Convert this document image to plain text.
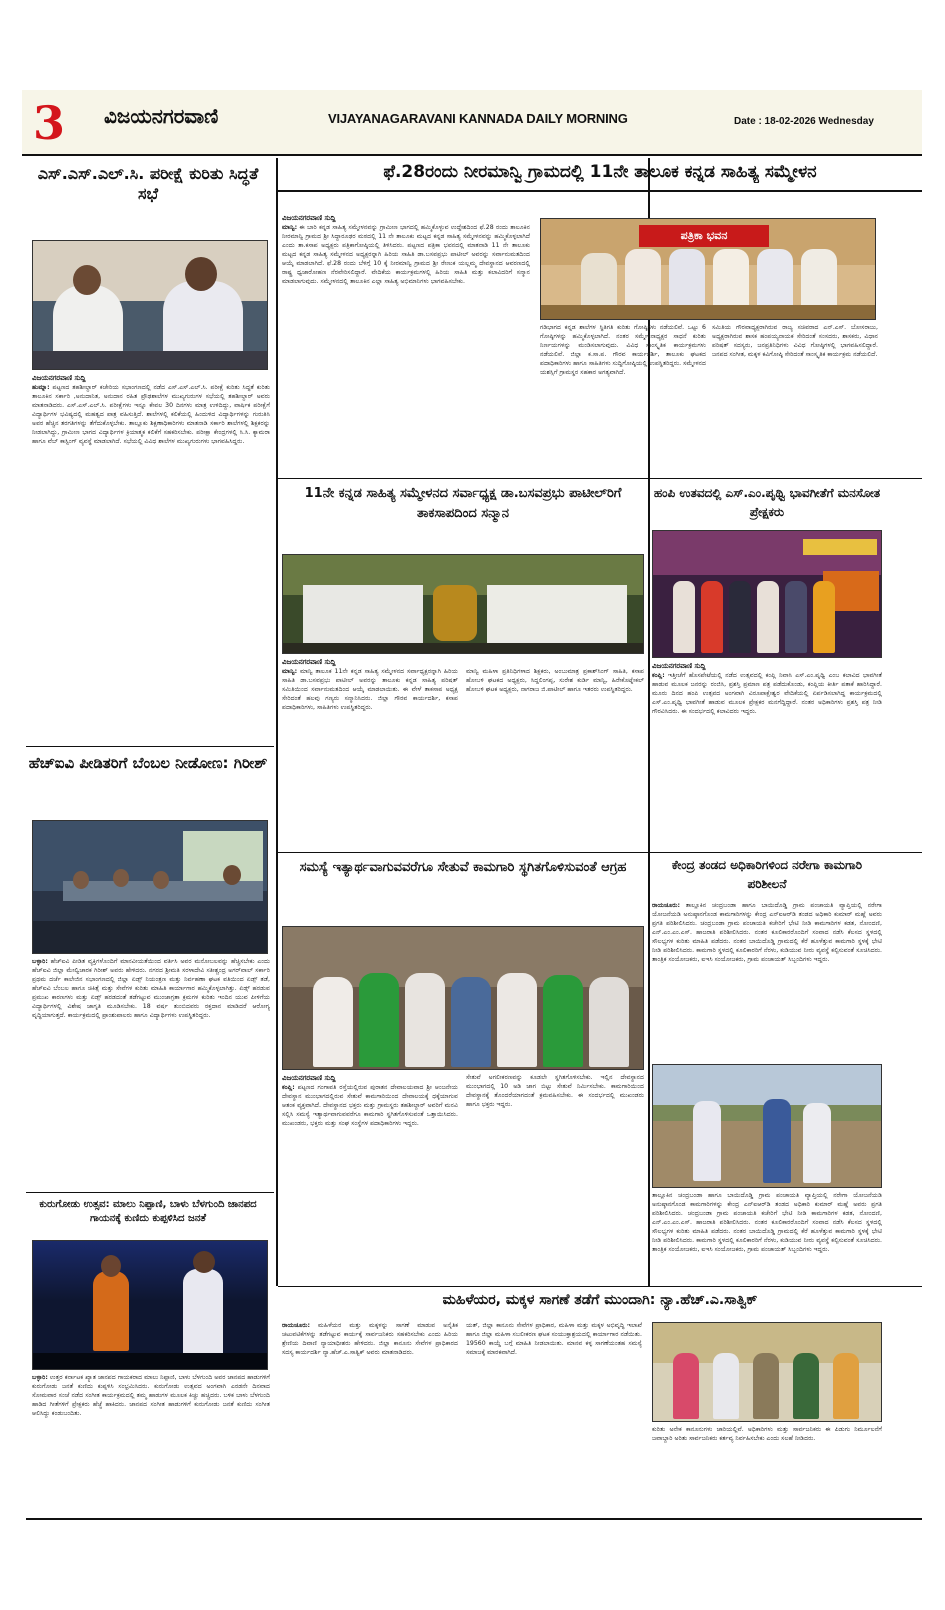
3 ವಿಜಯನಗರವಾಣಿ	VIJAYANAGARAVANI KANNADA DAILY MORNING	Date : 18-02-2026 Wednesday
ಎಸ್.ಎಸ್.ಎಲ್.ಸಿ. ಪರೀಕ್ಷೆ ಕುರಿತು ಸಿದ್ಧತೆ ಸಭೆ
ವಿಜಯನಗರವಾಣಿ ಸುದ್ದಿ

ಹುಮ್ನಾ: ಪಟ್ಟಣದ ತಹಶೀಲ್ದಾರ್ ಕಚೇರಿಯ ಸಭಾಂಗಣದಲ್ಲಿ ನಡೆದ ಎಸ್.ಎಸ್.ಎಲ್.ಸಿ. ಪರೀಕ್ಷೆ ಕುರಿತು ಸಿದ್ಧತೆ ಕುರಿತು ತಾಲೂಕಿನ ಸರ್ಕಾರಿ ,ಅನುದಾನಿತ, ಅನುದಾನ ರಹಿತ ಪ್ರೌಢಶಾಲೆಗಳ ಮುಖ್ಯಗುರುಗಳ ಸಭೆಯಲ್ಲಿ ತಹಶೀಲ್ದಾರ್ ಅವರು ಮಾತನಾಡಿದರು. ಎಸ್.ಎಸ್.ಎಲ್.ಸಿ. ಪರೀಕ್ಷೆಗಳು ಇನ್ನೂ ಕೇವಲ 30 ದಿನಗಳು ಮಾತ್ರ ಉಳಿದಿದ್ದು, ವಾರ್ಷಿಕ ಪರೀಕ್ಷೆಗೆ ವಿದ್ಯಾರ್ಥಿಗಳ ಭವಿಷ್ಯದಲ್ಲಿ ಮಹತ್ವದ ಪಾತ್ರ ವಹಿಸುತ್ತಿದೆ. ಶಾಲೆಗಳಲ್ಲಿ ಕಲಿಕೆಯಲ್ಲಿ ಹಿಂದುಳಿದ ವಿದ್ಯಾರ್ಥಿಗಳನ್ನು ಗುರುತಿಸಿ ಅವರ ಹೆಚ್ಚಿನ ತರಗತಿಗಳನ್ನು ತೆಗೆದುಕೊಳ್ಳಬೇಕು. ತಾಲ್ಲೂಕು ಶಿಕ್ಷಣಾಧಿಕಾರಿಗಳು ಮಾತನಾಡಿ ಸರ್ಕಾರಿ ಶಾಲೆಗಳಲ್ಲಿ ಶಿಕ್ಷಕರನ್ನು ನೀಡಲಾಗಿದ್ದು, ಗ್ರಾಮೀಣ ಭಾಗದ ವಿದ್ಯಾರ್ಥಿಗಳ ಕ್ರಿಯಾತ್ಮಕ ಕಲಿಕೆಗೆ ಸಹಕರಿಸಬೇಕು. ಪರೀಕ್ಷಾ ಕೇಂದ್ರಗಳಲ್ಲಿ ಸಿ.ಸಿ. ಕ್ಯಾಮರಾ ಹಾಗೂ ವೆಬ್ ಕಾಸ್ಟಿಂಗ್ ವ್ಯವಸ್ಥೆ ಮಾಡಲಾಗಿದೆ. ಸಭೆಯಲ್ಲಿ ವಿವಿಧ ಶಾಲೆಗಳ ಮುಖ್ಯಗುರುಗಳು ಭಾಗವಹಿಸಿದ್ದರು.

ಹೆಚ್‌ಐವಿ ಪೀಡಿತರಿಗೆ ಬೆಂಬಲ ನೀಡೋಣ: ಗಿರೀಶ್

ಬಳ್ಳಾರಿ: ಹೆಚ್‌ಐವಿ ಪೀಡಿತ ವ್ಯಕ್ತಿಗಳೊಂದಿಗೆ ಮಾನವೀಯತೆಯಿಂದ ವರ್ತಿಸಿ ಅವರ ಮನೋಬಲವನ್ನು ಹೆಚ್ಚಿಸಬೇಕು ಎಂದು ಹೆಚ್‌ಐವಿ ಜಿಲ್ಲಾ ಮೇಲ್ವಿಚಾರಕ ಗಿರೀಶ್ ಅವರು ಹೇಳಿದರು. ನಗರದ ಶ್ರೀಮತಿ ಸರಳಾದೇವಿ ಸತೀಶ್ಚಂದ್ರ ಅಗರ್‌ವಾಲ್ ಸರ್ಕಾರಿ ಪ್ರಥಮ ದರ್ಜೆ ಕಾಲೇಜಿನ ಸಭಾಂಗಣದಲ್ಲಿ ಜಿಲ್ಲಾ ಏಡ್ಸ್ ನಿಯಂತ್ರಣ ಮತ್ತು ನಿರ್ವಹಣಾ ಘಟಕ ವತಿಯಿಂದ ಏಡ್ಸ್ ತಡೆ, ಹೆಚ್‌ಐವಿ ಬೆಂಬಲ ಹಾಗೂ ಚಿಕಿತ್ಸೆ ಮತ್ತು ಸೇವೆಗಳ ಕುರಿತು ಮಾಹಿತಿ ಕಾರ್ಯಾಗಾರ ಹಮ್ಮಿಕೊಳ್ಳಲಾಗಿತ್ತು. ಏಡ್ಸ್ ಹರಡುವ ಪ್ರಮುಖ ಕಾರಣಗಳು ಮತ್ತು ಏಡ್ಸ್ ಹರಡದಂತೆ ತಡೆಗಟ್ಟುವ ಮುಂಜಾಗ್ರತಾ ಕ್ರಮಗಳ ಕುರಿತು ಇಂದಿನ ಯುವ ಪೀಳಿಗೆಯ ವಿದ್ಯಾರ್ಥಿಗಳಲ್ಲಿ ವಿಶೇಷ ಜಾಗೃತಿ ಮೂಡಿಸಬೇಕು. 18 ವರ್ಷ ತುಂಬಿದವರು ರಕ್ತದಾನ ಮಾಡಿದರೆ ಆರೋಗ್ಯ ವೃದ್ಧಿಯಾಗುತ್ತದೆ. ಕಾರ್ಯಕ್ರಮದಲ್ಲಿ ಪ್ರಾಂಶುಪಾಲರು ಹಾಗೂ ವಿದ್ಯಾರ್ಥಿಗಳು ಉಪಸ್ಥಿತರಿದ್ದರು.

ಕುರುಗೋಡು ಉತ್ಸವ: ಮಾಲು ನಿಪ್ಪಾಣಿ, ಬಾಳು ಬೆಳಗುಂದಿ ಜಾನಪದ ಗಾಯನಕ್ಕೆ ಕುಣಿದು ಕುಪ್ಪಳಿಸಿದ ಜನತೆ

ಬಳ್ಳಾರಿ: ಉತ್ತರ ಕರ್ನಾಟಕ ಖ್ಯಾತ ಜಾನಪದ ಗಾಯಕರಾದ ಮಾಲು ನಿಪ್ಪಾಣಿ, ಬಾಳು ಬೆಳಗುಂದಿ ಅವರ ಜಾನಪದ ಹಾಡುಗಳಿಗೆ ಕುರುಗೋಡು ಜನತೆ ಕುಣಿದು ಕುಪ್ಪಳಿಸಿ ಸಂಭ್ರಮಿಸಿದರು. ಕುರುಗೋಡು ಉತ್ಸವದ ಅಂಗವಾಗಿ ಎರಡನೇ ದಿನವಾದ ಸೋಮವಾರ ಸಂಜೆ ನಡೆದ ಸಂಗೀತ ಕಾರ್ಯಕ್ರಮದಲ್ಲಿ ತಮ್ಮ ಹಾಡುಗಳ ಮೂಲಕ ಕಿಚ್ಚು ಹಚ್ಚಿದರು. ಬಳಿಕ ಬಾಳು ಬೆಳಗುಂದಿ ಹಾಡಿದ ಗೀತೆಗಳಿಗೆ ಪ್ರೇಕ್ಷಕರು ಹೆಜ್ಜೆ ಹಾಕಿದರು. ಜಾನಪದ ಸಂಗೀತ ಹಾಡುಗಳಿಗೆ ಕುರುಗೋಡು ಜನತೆ ಕುಣಿದು ಸಂಗೀತ ಆಲಿಸಿದ್ದು ಕಂಡುಬಂದಿತು.

ಫೆ.28ರಂದು ನೀರಮಾನ್ವಿ ಗ್ರಾಮದಲ್ಲಿ 11ನೇ ತಾಲೂಕ ಕನ್ನಡ ಸಾಹಿತ್ಯ ಸಮ್ಮೇಳನ
ವಿಜಯನಗರವಾಣಿ ಸುದ್ದಿ

ಮಾನ್ವಿ: ಈ ಬಾರಿ ಕನ್ನಡ ಸಾಹಿತ್ಯ ಸಮ್ಮೇಳನವನ್ನು ಗ್ರಾಮೀಣ ಭಾಗದಲ್ಲಿ ಹಮ್ಮಿಕೊಳ್ಳುವ ಉದ್ದೇಶದಿಂದ ಫೆ.28 ರಂದು ತಾಲೂಕಿನ ನೀರಮಾನ್ವಿ ಗ್ರಾಮದ ಶ್ರೀ ಸಿದ್ಧಾರೂಢರ ಮಠದಲ್ಲಿ 11 ನೇ ತಾಲೂಕು ಮಟ್ಟದ ಕನ್ನಡ ಸಾಹಿತ್ಯ ಸಮ್ಮೇಳನವನ್ನು ಹಮ್ಮಿಕೊಳ್ಳಲಾಗಿದೆ ಎಂದು ತಾ.ಕಸಾಪ ಅಧ್ಯಕ್ಷರು ಪತ್ರಿಕಾಗೋಷ್ಠಿಯಲ್ಲಿ ತಿಳಿಸಿದರು. ಪಟ್ಟಣದ ಪತ್ರಿಕಾ ಭವನದಲ್ಲಿ ಮಾತನಾಡಿ 11 ನೇ ತಾಲೂಕು ಮಟ್ಟದ ಕನ್ನಡ ಸಾಹಿತ್ಯ ಸಮ್ಮೇಳನದ ಅಧ್ಯಕ್ಷರನ್ನಾಗಿ ಹಿರಿಯ ಸಾಹಿತಿ ಡಾ.ಬಸವಪ್ರಭು ಪಾಟೀಲ್ ಅವರನ್ನು ಸರ್ವಾನುಮತದಿಂದ ಆಯ್ಕೆ ಮಾಡಲಾಗಿದೆ. ಫೆ.28 ರಂದು ಬೆಳಿಗ್ಗೆ 10 ಕ್ಕೆ ನೀರಮಾನ್ವಿ ಗ್ರಾಮದ ಶ್ರೀ ರೇಣುಕ ಯಲ್ಲಮ್ಮ ದೇವಸ್ಥಾನದ ಆವರಣದಲ್ಲಿ ರಾಷ್ಟ್ರ ಧ್ವಜಾರೋಹಣ ನೆರವೇರಿಸಲಿದ್ದಾರೆ. ವೇದಿಕೆಯ ಕಾರ್ಯಕ್ರಮಗಳಲ್ಲಿ ಹಿರಿಯ ಸಾಹಿತಿ ಮತ್ತು ಕಲಾವಿದರಿಗೆ ಸನ್ಮಾನ ಮಾಡಲಾಗುವುದು. ಸಮ್ಮೇಳನದಲ್ಲಿ ತಾಲೂಕಿನ ಎಲ್ಲಾ ಸಾಹಿತ್ಯ ಅಭಿಮಾನಿಗಳು ಭಾಗವಹಿಸಬೇಕು.

ಪತ್ರಿಕಾ ಭವನ

ಗಡಿಭಾಗದ ಕನ್ನಡ ಶಾಲೆಗಳ ಸ್ಥಿತಿಗತಿ ಕುರಿತು ಗೋಷ್ಠಿಗಳು ನಡೆಯಲಿವೆ. ಒಟ್ಟು 6 ಗೋಷ್ಠಿಗಳನ್ನು ಹಮ್ಮಿಕೊಳ್ಳಲಾಗಿದೆ. ನಂತರ ಸಮ್ಮೇಳನಾಧ್ಯಕ್ಷರ ಸಾಧನೆ ಕುರಿತು ನಿರ್ಣಯಗಳನ್ನು ಮಂಡಿಸಲಾಗುವುದು. ವಿವಿಧ ಸಾಂಸ್ಕೃತಿಕ ಕಾರ್ಯಕ್ರಮಗಳು ನಡೆಯಲಿವೆ. ಜಿಲ್ಲಾ ಕ.ಸಾ.ಪ. ಗೌರವ ಕಾರ್ಯದರ್ಶಿ, ತಾಲೂಕು ಘಟಕದ ಪದಾಧಿಕಾರಿಗಳು ಹಾಗೂ ಸಾಹಿತಿಗಳು ಸುದ್ದಿಗೋಷ್ಠಿಯಲ್ಲಿ ಉಪಸ್ಥಿತರಿದ್ದರು. ಸಮ್ಮೇಳನದ ಯಶಸ್ಸಿಗೆ ಗ್ರಾಮಸ್ಥರ ಸಹಕಾರ ಅಗತ್ಯವಾಗಿದೆ.

ಸಮಿತಿಯ ಗೌರವಾಧ್ಯಕ್ಷರಾಗಿರುವ ರಾಜ್ಯ ಸಚಿವರಾದ ಎನ್.ಎಸ್. ಬೋಸರಾಜು, ಅಧ್ಯಕ್ಷರಾಗಿರುವ ಶಾಸಕ ಹಂಪಯ್ಯನಾಯಕ ಸೇರಿದಂತೆ ಸಂಸದರು, ಶಾಸಕರು, ವಿಧಾನ ಪರಿಷತ್ ಸದಸ್ಯರು, ಜನಪ್ರತಿನಿಧಿಗಳು ವಿವಿಧ ಗೋಷ್ಠಿಗಳಲ್ಲಿ ಭಾಗವಹಿಸಲಿದ್ದಾರೆ. ಜನಪದ ಸಂಗೀತ, ಮಕ್ಕಳ ಕವಿಗೋಷ್ಠಿ ಸೇರಿದಂತೆ ಸಾಂಸ್ಕೃತಿಕ ಕಾರ್ಯಕ್ರಮ ನಡೆಯಲಿದೆ.

11ನೇ ಕನ್ನಡ ಸಾಹಿತ್ಯ ಸಮ್ಮೇಳನದ ಸರ್ವಾಧ್ಯಕ್ಷ ಡಾ.ಬಸವಪ್ರಭು ಪಾಟೀಲ್‌ರಿಗೆ ತಾಕಸಾಪದಿಂದ ಸನ್ಮಾನ
ವಿಜಯನಗರವಾಣಿ ಸುದ್ದಿ

ಮಾನ್ವಿ: ಮಾನ್ವಿ ತಾಲೂಕ 11ನೇ ಕನ್ನಡ ಸಾಹಿತ್ಯ ಸಮ್ಮೇಳನದ ಸರ್ವಾಧ್ಯಕ್ಷರನ್ನಾಗಿ ಹಿರಿಯ ಸಾಹಿತಿ ಡಾ.ಬಸವಪ್ರಭು ಪಾಟೀಲ್ ಅವರನ್ನು ತಾಲೂಕು ಕನ್ನಡ ಸಾಹಿತ್ಯ ಪರಿಷತ್ ಸಮಿತಿಯಿಂದ ಸರ್ವಾನುಮತದಿಂದ ಆಯ್ಕೆ ಮಾಡಲಾಯಿತು. ಈ ವೇಳೆ ತಾಕಸಾಪ ಅಧ್ಯಕ್ಷ ಸೇರಿದಂತೆ ಹಲವು ಗಣ್ಯರು ಸನ್ಮಾನಿಸಿದರು. ಜಿಲ್ಲಾ ಗೌರವ ಕಾರ್ಯದರ್ಶಿ, ಕಸಾಪ ಪದಾಧಿಕಾರಿಗಳು, ಸಾಹಿತಿಗಳು ಉಪಸ್ಥಿತರಿದ್ದರು.

ಮಾನ್ವಿ ಮಹಿಳಾ ಪ್ರತಿನಿಧಿಗಳಾದ ಶಿಕ್ಷಕರು, ಅಂಬುಮಾತ್ರ ಪ್ರಕಾಶ್‌ಸಿಂಗ್ ಸಾಹಿತಿ, ಕಸಾಪ ಹೋಬಳಿ ಘಟಕದ ಅಧ್ಯಕ್ಷರು, ಸಿದ್ದಲಿಂಗಪ್ಪ, ಸುರೇಶ ಕುರ್ಡಿ ಮಾನ್ವಿ, ಹಿರೇಕೊಟ್ನೇಕಲ್ ಹೋಬಳಿ ಘಟಕ ಅಧ್ಯಕ್ಷರು, ನಾಗರಾಜ ಜಿ.ಪಾಟೀಲ್ ಹಾಗೂ ಇತರರು ಉಪಸ್ಥಿತರಿದ್ದರು.

ಸಮಸ್ಯೆ ಇತ್ಯಾರ್ಥವಾಗುವವರೆಗೂ ಸೇತುವೆ ಕಾಮಗಾರಿ ಸ್ಥಗಿತಗೊಳಿಸುವಂತೆ ಆಗ್ರಹ
ವಿಜಯನಗರವಾಣಿ ಸುದ್ದಿ

ಕಂಪ್ಲಿ: ಪಟ್ಟಣದ ಗಂಗಾವತಿ ರಸ್ತೆಯಲ್ಲಿರುವ ಪುರಾತನ ದೇವಾಲಯವಾದ ಶ್ರೀ ಆಂಜನೇಯ ದೇವಸ್ಥಾನ ಮುಂಭಾಗದಲ್ಲಿರುವ ಸೇತುವೆ ಕಾಮಗಾರಿಯಿಂದ ದೇವಾಲಯಕ್ಕೆ ಧಕ್ಕೆಯಾಗುವ ಆತಂಕ ವ್ಯಕ್ತವಾಗಿದೆ. ದೇವಸ್ಥಾನದ ಭಕ್ತರು ಮತ್ತು ಗ್ರಾಮಸ್ಥರು ತಹಶೀಲ್ದಾರ್ ಅವರಿಗೆ ಮನವಿ ಸಲ್ಲಿಸಿ ಸಮಸ್ಯೆ ಇತ್ಯಾರ್ಥವಾಗುವವರೆಗೂ ಕಾಮಗಾರಿ ಸ್ಥಗಿತಗೊಳಿಸುವಂತೆ ಒತ್ತಾಯಿಸಿದರು. ಮುಖಂಡರು, ಭಕ್ತರು ಮತ್ತು ಸಂಘ ಸಂಸ್ಥೆಗಳ ಪದಾಧಿಕಾರಿಗಳು ಇದ್ದರು.

ಸೇತುವೆ ಅಗಲೀಕರಣವನ್ನು ಕೂಡಲೇ ಸ್ಥಗಿತಗೊಳಿಸಬೇಕು. ಇಲ್ಲಿನ ದೇವಸ್ಥಾನದ ಮುಂಭಾಗದಲ್ಲಿ 10 ಅಡಿ ಜಾಗ ಬಿಟ್ಟು ಸೇತುವೆ ನಿರ್ಮಿಸಬೇಕು. ಕಾಮಗಾರಿಯಿಂದ ದೇವಸ್ಥಾನಕ್ಕೆ ತೊಂದರೆಯಾಗದಂತೆ ಕ್ರಮವಹಿಸಬೇಕು. ಈ ಸಂದರ್ಭದಲ್ಲಿ ಮುಖಂಡರು ಹಾಗೂ ಭಕ್ತರು ಇದ್ದರು.

ಹಂಪಿ ಉತವದಲ್ಲಿ ಎಸ್.ಎಂ.ಪೃಥ್ವಿ ಭಾವಗೀತೆಗೆ ಮನಸೋತ ಪ್ರೇಕ್ಷಕರು
ವಿಜಯನಗರವಾಣಿ ಸುದ್ದಿ

ಕಂಪ್ಲಿ: ಇತ್ತೀಚೆಗೆ ಹೊಸಪೇಟೆಯಲ್ಲಿ ನಡೆದ ಉತ್ಸವದಲ್ಲಿ ಕಂಪ್ಲಿ ನಿವಾಸಿ ಎಸ್.ಎಂ.ಪೃಥ್ವಿ ಎಂಬ ಕಲಾವಿದ ಭಾವಗೀತೆ ಹಾಡುವ ಮೂಲಕ ಜನರನ್ನು ರಂಜಿಸಿ, ಪ್ರಶಸ್ತಿ ಪ್ರಮಾಣ ಪತ್ರ ಪಡೆದುಕೊಂಡು, ಕಂಪ್ಲಿಯ ಕೀರ್ತಿ ಪತಾಕೆ ಹಾರಿಸಿದ್ದಾರೆ. ಮೂರು ದಿನದ ಹಂಪಿ ಉತ್ಸವದ ಅಂಗವಾಗಿ ವಿರೂಪಾಕ್ಷೇಶ್ವರ ವೇದಿಕೆಯಲ್ಲಿ ಏರ್ಪಡಿಸಲಾಗಿದ್ದ ಕಾರ್ಯಕ್ರಮದಲ್ಲಿ ಎಸ್.ಎಂ.ಪೃಥ್ವಿ ಭಾವಗೀತೆ ಹಾಡುವ ಮೂಲಕ ಪ್ರೇಕ್ಷಕರ ಮನಗೆದ್ದಿದ್ದಾರೆ. ನಂತರ ಅಧಿಕಾರಿಗಳು ಪ್ರಶಸ್ತಿ ಪತ್ರ ನೀಡಿ ಗೌರವಿಸಿದರು. ಈ ಸಂದರ್ಭದಲ್ಲಿ ಕಲಾವಿದರು ಇದ್ದರು.

ಕೇಂದ್ರ ತಂಡದ ಅಧಿಕಾರಿಗಳಿಂದ ನರೇಗಾ ಕಾಮಗಾರಿ ಪರಿಶೀಲನೆ

ರಾಯಚೂರು: ತಾಲ್ಲೂಕಿನ ಚಂದ್ರಬಂಡಾ ಹಾಗೂ ಬಾಯಿದೊಡ್ಡಿ ಗ್ರಾಮ ಪಂಚಾಯತಿ ವ್ಯಾಪ್ತಿಯಲ್ಲಿ ನರೇಗಾ ಯೋಜನೆಯಡಿ ಅನುಷ್ಠಾನಗೊಂಡ ಕಾಮಗಾರಿಗಳನ್ನು ಕೇಂದ್ರ ಎನ್‌ಐಆರ್‌ಡಿ ತಂಡದ ಅಧಿಕಾರಿ ಕುಮಾರ್ ಮಹ್ಲೆ ಅವರು ಪ್ರಗತಿ ಪರಿಶೀಲಿಸಿದರು. ಚಂದ್ರಬಂಡಾ ಗ್ರಾಮ ಪಂಚಾಯತಿ ಕಚೇರಿಗೆ ಭೇಟಿ ನೀಡಿ ಕಾಮಗಾರಿಗಳ ಕಡತ, ನೋಂದಣಿ, ಎನ್.ಎಂ.ಎಂ.ಎಸ್. ಹಾಜರಾತಿ ಪರಿಶೀಲಿಸಿದರು. ನಂತರ ಕೂಲಿಕಾರರೊಂದಿಗೆ ಸಂವಾದ ನಡೆಸಿ ಕೆಲಸದ ಸ್ಥಳದಲ್ಲಿ ಸೌಲಭ್ಯಗಳ ಕುರಿತು ಮಾಹಿತಿ ಪಡೆದರು. ನಂತರ ಬಾಯಿದೊಡ್ಡಿ ಗ್ರಾಮದಲ್ಲಿ ಕೆರೆ ಹೂಳೆತ್ತುವ ಕಾಮಗಾರಿ ಸ್ಥಳಕ್ಕೆ ಭೇಟಿ ನೀಡಿ ಪರಿಶೀಲಿಸಿದರು. ಕಾಮಗಾರಿ ಸ್ಥಳದಲ್ಲಿ ಕೂಲಿಕಾರರಿಗೆ ನೆರಳು, ಕುಡಿಯುವ ನೀರು ವ್ಯವಸ್ಥೆ ಕಲ್ಪಿಸುವಂತೆ ಸೂಚಿಸಿದರು. ತಾಂತ್ರಿಕ ಸಂಯೋಜಕರು, ಐಇಸಿ ಸಂಯೋಜಕರು, ಗ್ರಾಮ ಪಂಚಾಯತ್ ಸಿಬ್ಬಂದಿಗಳು ಇದ್ದರು.

ತಾಲ್ಲೂಕಿನ ಚಂದ್ರಬಂಡಾ ಹಾಗೂ ಬಾಯಿದೊಡ್ಡಿ ಗ್ರಾಮ ಪಂಚಾಯತಿ ವ್ಯಾಪ್ತಿಯಲ್ಲಿ ನರೇಗಾ ಯೋಜನೆಯಡಿ ಅನುಷ್ಠಾನಗೊಂಡ ಕಾಮಗಾರಿಗಳನ್ನು ಕೇಂದ್ರ ಎನ್‌ಐಆರ್‌ಡಿ ತಂಡದ ಅಧಿಕಾರಿ ಕುಮಾರ್ ಮಹ್ಲೆ ಅವರು ಪ್ರಗತಿ ಪರಿಶೀಲಿಸಿದರು. ಚಂದ್ರಬಂಡಾ ಗ್ರಾಮ ಪಂಚಾಯತಿ ಕಚೇರಿಗೆ ಭೇಟಿ ನೀಡಿ ಕಾಮಗಾರಿಗಳ ಕಡತ, ನೋಂದಣಿ, ಎನ್.ಎಂ.ಎಂ.ಎಸ್. ಹಾಜರಾತಿ ಪರಿಶೀಲಿಸಿದರು. ನಂತರ ಕೂಲಿಕಾರರೊಂದಿಗೆ ಸಂವಾದ ನಡೆಸಿ ಕೆಲಸದ ಸ್ಥಳದಲ್ಲಿ ಸೌಲಭ್ಯಗಳ ಕುರಿತು ಮಾಹಿತಿ ಪಡೆದರು. ನಂತರ ಬಾಯಿದೊಡ್ಡಿ ಗ್ರಾಮದಲ್ಲಿ ಕೆರೆ ಹೂಳೆತ್ತುವ ಕಾಮಗಾರಿ ಸ್ಥಳಕ್ಕೆ ಭೇಟಿ ನೀಡಿ ಪರಿಶೀಲಿಸಿದರು. ಕಾಮಗಾರಿ ಸ್ಥಳದಲ್ಲಿ ಕೂಲಿಕಾರರಿಗೆ ನೆರಳು, ಕುಡಿಯುವ ನೀರು ವ್ಯವಸ್ಥೆ ಕಲ್ಪಿಸುವಂತೆ ಸೂಚಿಸಿದರು. ತಾಂತ್ರಿಕ ಸಂಯೋಜಕರು, ಐಇಸಿ ಸಂಯೋಜಕರು, ಗ್ರಾಮ ಪಂಚಾಯತ್ ಸಿಬ್ಬಂದಿಗಳು ಇದ್ದರು.

ಮಹಿಳೆಯರ, ಮಕ್ಕಳ ಸಾಗಣೆ ತಡೆಗೆ ಮುಂದಾಗಿ: ನ್ಯಾ.ಹೆಚ್.ಎ.ಸಾತ್ವಿಕ್

ರಾಯಚೂರು: ಮಹಿಳೆಯರ ಮತ್ತು ಮಕ್ಕಳನ್ನು ಸಾಗಣೆ ಮಾಡುವ ಅನೈತಿಕ ಚಟುವಟಿಕೆಗಳನ್ನು ತಡೆಗಟ್ಟುವ ಕಾರ್ಯಕ್ಕೆ ಸಾರ್ವಜನಿಕರು ಸಹಕರಿಸಬೇಕು ಎಂದು ಹಿರಿಯ ಶ್ರೇಣಿಯ ದಿವಾಣಿ ನ್ಯಾಯಾಧೀಶರು ಹೇಳಿದರು. ಜಿಲ್ಲಾ ಕಾನೂನು ಸೇವೆಗಳ ಪ್ರಾಧಿಕಾರದ ಸದಸ್ಯ ಕಾರ್ಯದರ್ಶಿ ನ್ಯಾ.ಹೆಚ್.ಎ.ಸಾತ್ವಿಕ್ ಅವರು ಮಾತನಾಡಿದರು.

ಯತ್, ಜಿಲ್ಲಾ ಕಾನೂನು ಸೇವೆಗಳ ಪ್ರಾಧಿಕಾರ, ಮಹಿಳಾ ಮತ್ತು ಮಕ್ಕಳ ಅಭಿವೃದ್ಧಿ ಇಲಾಖೆ ಹಾಗೂ ಜಿಲ್ಲಾ ಮಹಿಳಾ ಸಬಲೀಕರಣ ಘಟಕ ಸಂಯುಕ್ತಾಶ್ರಯದಲ್ಲಿ ಕಾರ್ಯಾಗಾರ ನಡೆಯಿತು. 19560 ಕಾಯ್ದೆ ಬಗ್ಗೆ ಮಾಹಿತಿ ನೀಡಲಾಯಿತು. ಮಾನವ ಕಳ್ಳ ಸಾಗಣೆಯಂತಹ ಸಮಸ್ಯೆ ಸಮಾಜಕ್ಕೆ ಮಾರಕವಾಗಿದೆ.

ಕುರಿತು ಅನೇಕ ಕಾನೂನುಗಳು ಜಾರಿಯಲ್ಲಿವೆ. ಅಧಿಕಾರಿಗಳು ಮತ್ತು ಸಾರ್ವಜನಿಕರು ಈ ಪಿಡುಗು ನಿರ್ಮೂಲನೆಗೆ ಜವಾಬ್ದಾರಿ ಅರಿತು ಸಾರ್ವಜನಿಕರು ಕರ್ತವ್ಯ ನಿರ್ವಹಿಸಬೇಕು ಎಂದು ಸಲಹೆ ನೀಡಿದರು.
